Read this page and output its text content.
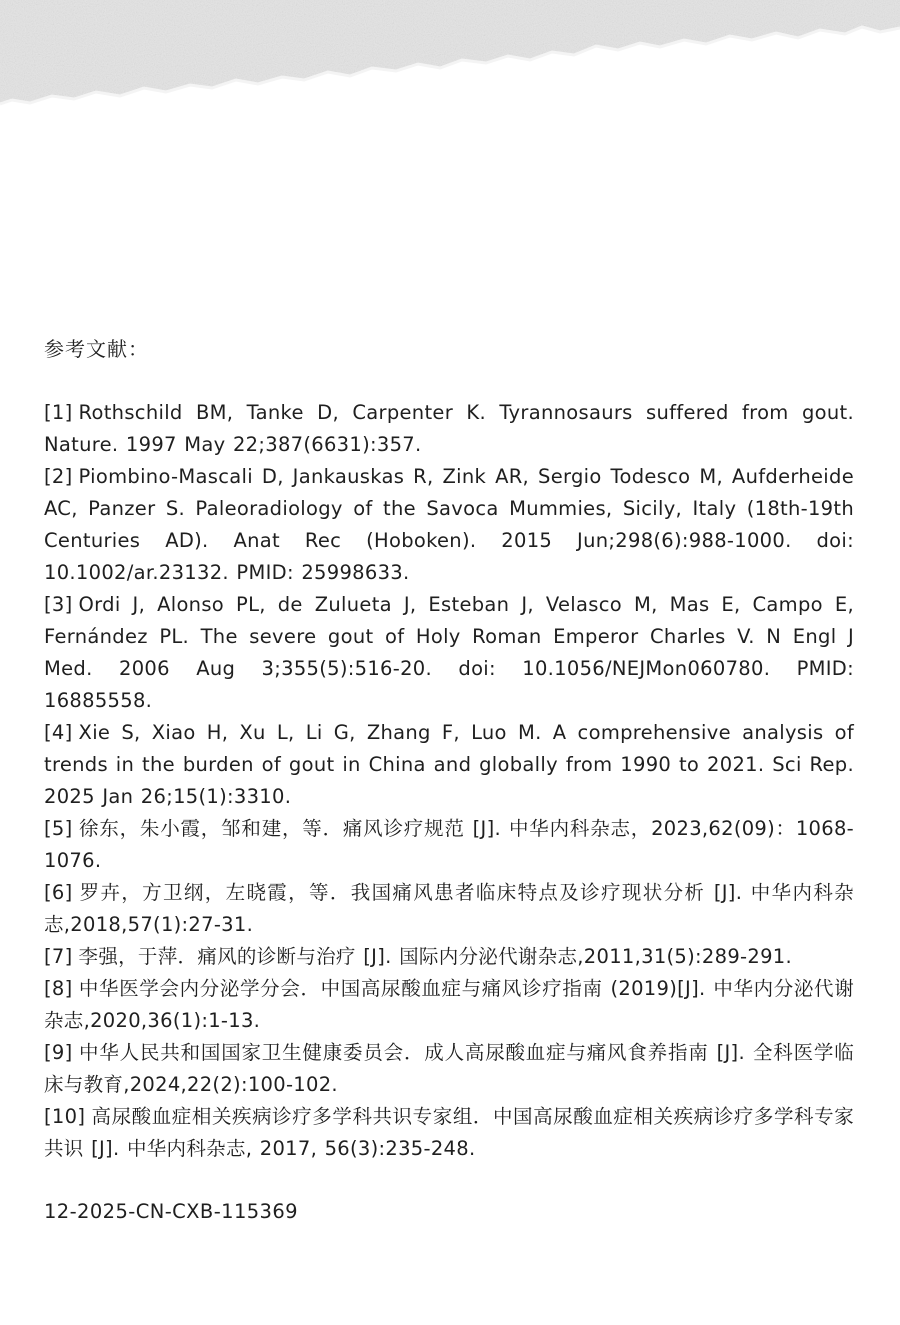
参考文献：
[1] Rothschild BM, Tanke D, Carpenter K. Tyrannosaurs suffered from gout. Nature. 1997 May 22;387(6631):357.
[2] Piombino-Mascali D, Jankauskas R, Zink AR, Sergio Todesco M, Aufderheide AC, Panzer S. Paleoradiology of the Savoca Mummies, Sicily, Italy (18th-19th Centuries AD). Anat Rec (Hoboken). 2015 Jun;298(6):988-1000. doi: 10.1002/ar.23132. PMID: 25998633.
[3] Ordi J, Alonso PL, de Zulueta J, Esteban J, Velasco M, Mas E, Campo E, Fernández PL. The severe gout of Holy Roman Emperor Charles V. N Engl J Med. 2006 Aug 3;355(5):516-20. doi: 10.1056/NEJMon060780. PMID: 16885558.
[4] Xie S, Xiao H, Xu L, Li G, Zhang F, Luo M. A comprehensive analysis of trends in the burden of gout in China and globally from 1990 to 2021. Sci Rep. 2025 Jan 26;15(1):3310.
[5] 徐东，朱小霞，邹和建，等．痛风诊疗规范 [J]. 中华内科杂志，2023,62(09)：1068-1076.
[6] 罗卉，方卫纲，左晓霞，等．我国痛风患者临床特点及诊疗现状分析 [J]. 中华内科杂志,2018,57(1):27-31.
[7] 李强，于萍．痛风的诊断与治疗 [J]. 国际内分泌代谢杂志,2011,31(5):289-291.
[8] 中华医学会内分泌学分会．中国高尿酸血症与痛风诊疗指南 (2019)[J]. 中华内分泌代谢杂志,2020,36(1):1-13.
[9] 中华人民共和国国家卫生健康委员会．成人高尿酸血症与痛风食养指南 [J]. 全科医学临床与教育,2024,22(2):100-102.
[10] 高尿酸血症相关疾病诊疗多学科共识专家组．中国高尿酸血症相关疾病诊疗多学科专家共识 [J]. 中华内科杂志, 2017, 56(3):235-248.
12-2025-CN-CXB-115369
